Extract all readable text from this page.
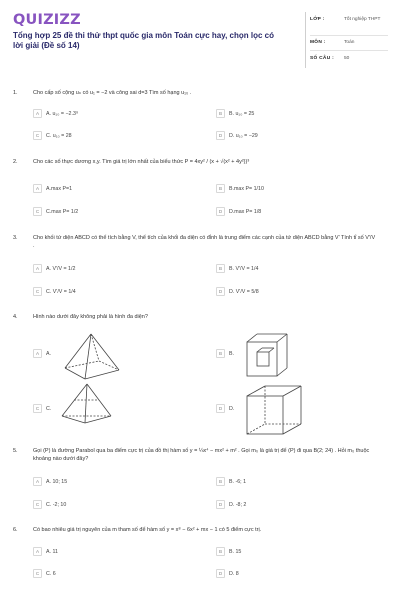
QUIZIZZ
Tổng hợp 25 đề thi thử thpt quốc gia môn Toán cực hay, chọn lọc có lời giải (Đề số 14)
LỚP :	Tốt nghiệp THPT
MÔN :	Toán
SỐ CÂU : 50
1.	Cho cấp số cộng uₙ có u₁ = −2 và công sai d=3 Tìm số hạng u₁₀ .
A	A. u₁₀ = −2.3⁹	B	B. u₁₀ = 25
C	C. u₁₀ = 28	D	D. u₁₀ = −29
2.	Cho các số thực dương x,y. Tìm giá trị lớn nhất của biểu thức P = 4xy² / (x + √(x² + 4y²))³
A	A.max P=1	B	B.max P= 1/10
C	C.max P= 1/2	D	D.max P= 1/8
3.	Cho khối tứ diện ABCD có thể tích bằng V, thể tích của khối đa diện có đỉnh là trung điểm các cạnh của tứ diện ABCD bằng V' Tính tỉ số V'/V .
A	A. V'/V = 1/2	B	B. V'/V = 1/4
C	C. V'/V = 1/4	D	D. V'/V = 5/8
4.	Hình nào dưới đây không phải là hình đa diện?
A	A.	B	B.
C	C.	D	D.
5.	Gọi (P) là đường Parabol qua ba điểm cực trị của đồ thị hàm số y = ¼x⁴ − mx² + m² . Gọi m₀ là giá trị để (P) đi qua B(2; 24) . Hỏi m₀ thuộc khoảng nào dưới đây?
A	A. 10; 15	B	B. -6; 1
C	C. -2; 10	D	D. -8; 2
6.	Có bao nhiêu giá trị nguyên của m tham số để hàm số y = x⁸ − 6x² + mx − 1 có 5 điểm cực trị.
A	A. 11	B	B. 15
C	C. 6	D	D. 8
